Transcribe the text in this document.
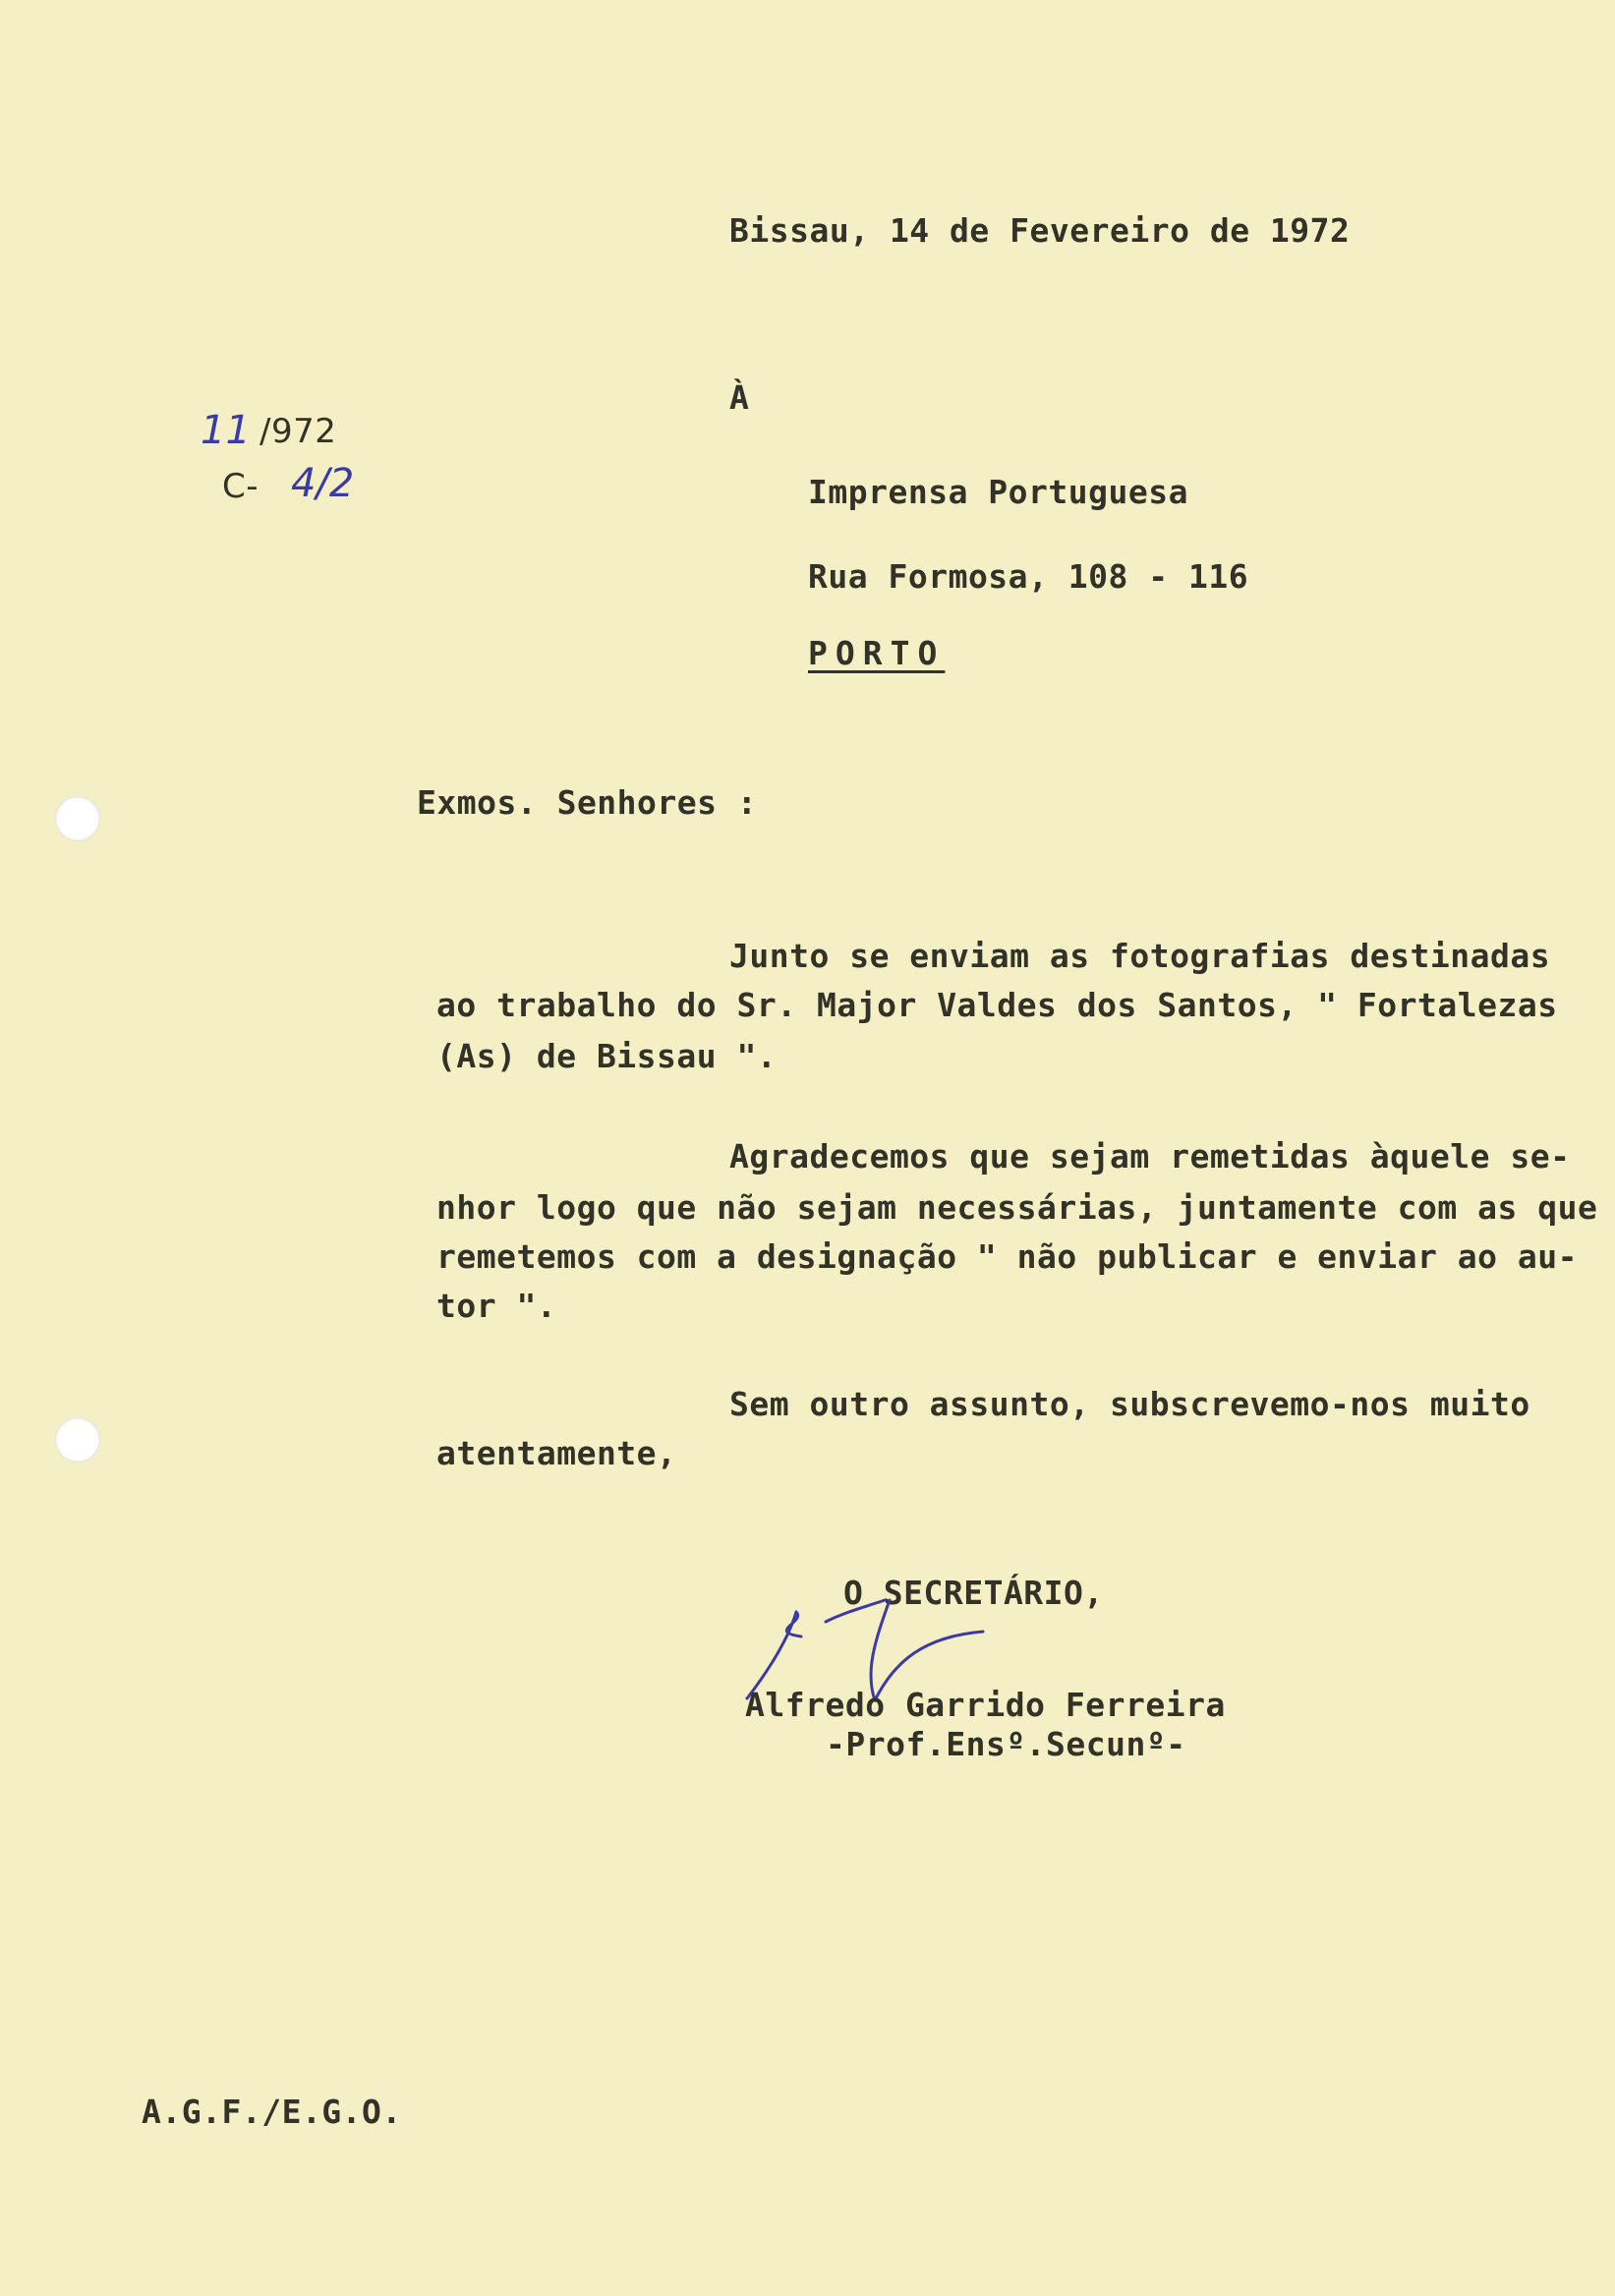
Bissau, 14 de Fevereiro de 1972
11 /972
C- 4/2
À
Imprensa Portuguesa
Rua Formosa, 108 - 116
PORTO
Exmos. Senhores :
Junto se enviam as fotografias destinadas
ao trabalho do Sr. Major Valdes dos Santos, " Fortalezas
(As) de Bissau ".
Agradecemos que sejam remetidas àquele se-
nhor logo que não sejam necessárias, juntamente com as que
remetemos com a designação " não publicar e enviar ao au-
tor ".
Sem outro assunto, subscrevemo-nos muito
atentamente,
O SECRETÁRIO,
Alfredo Garrido Ferreira
-Prof.Ensº.Secunº-
A.G.F./E.G.O.
